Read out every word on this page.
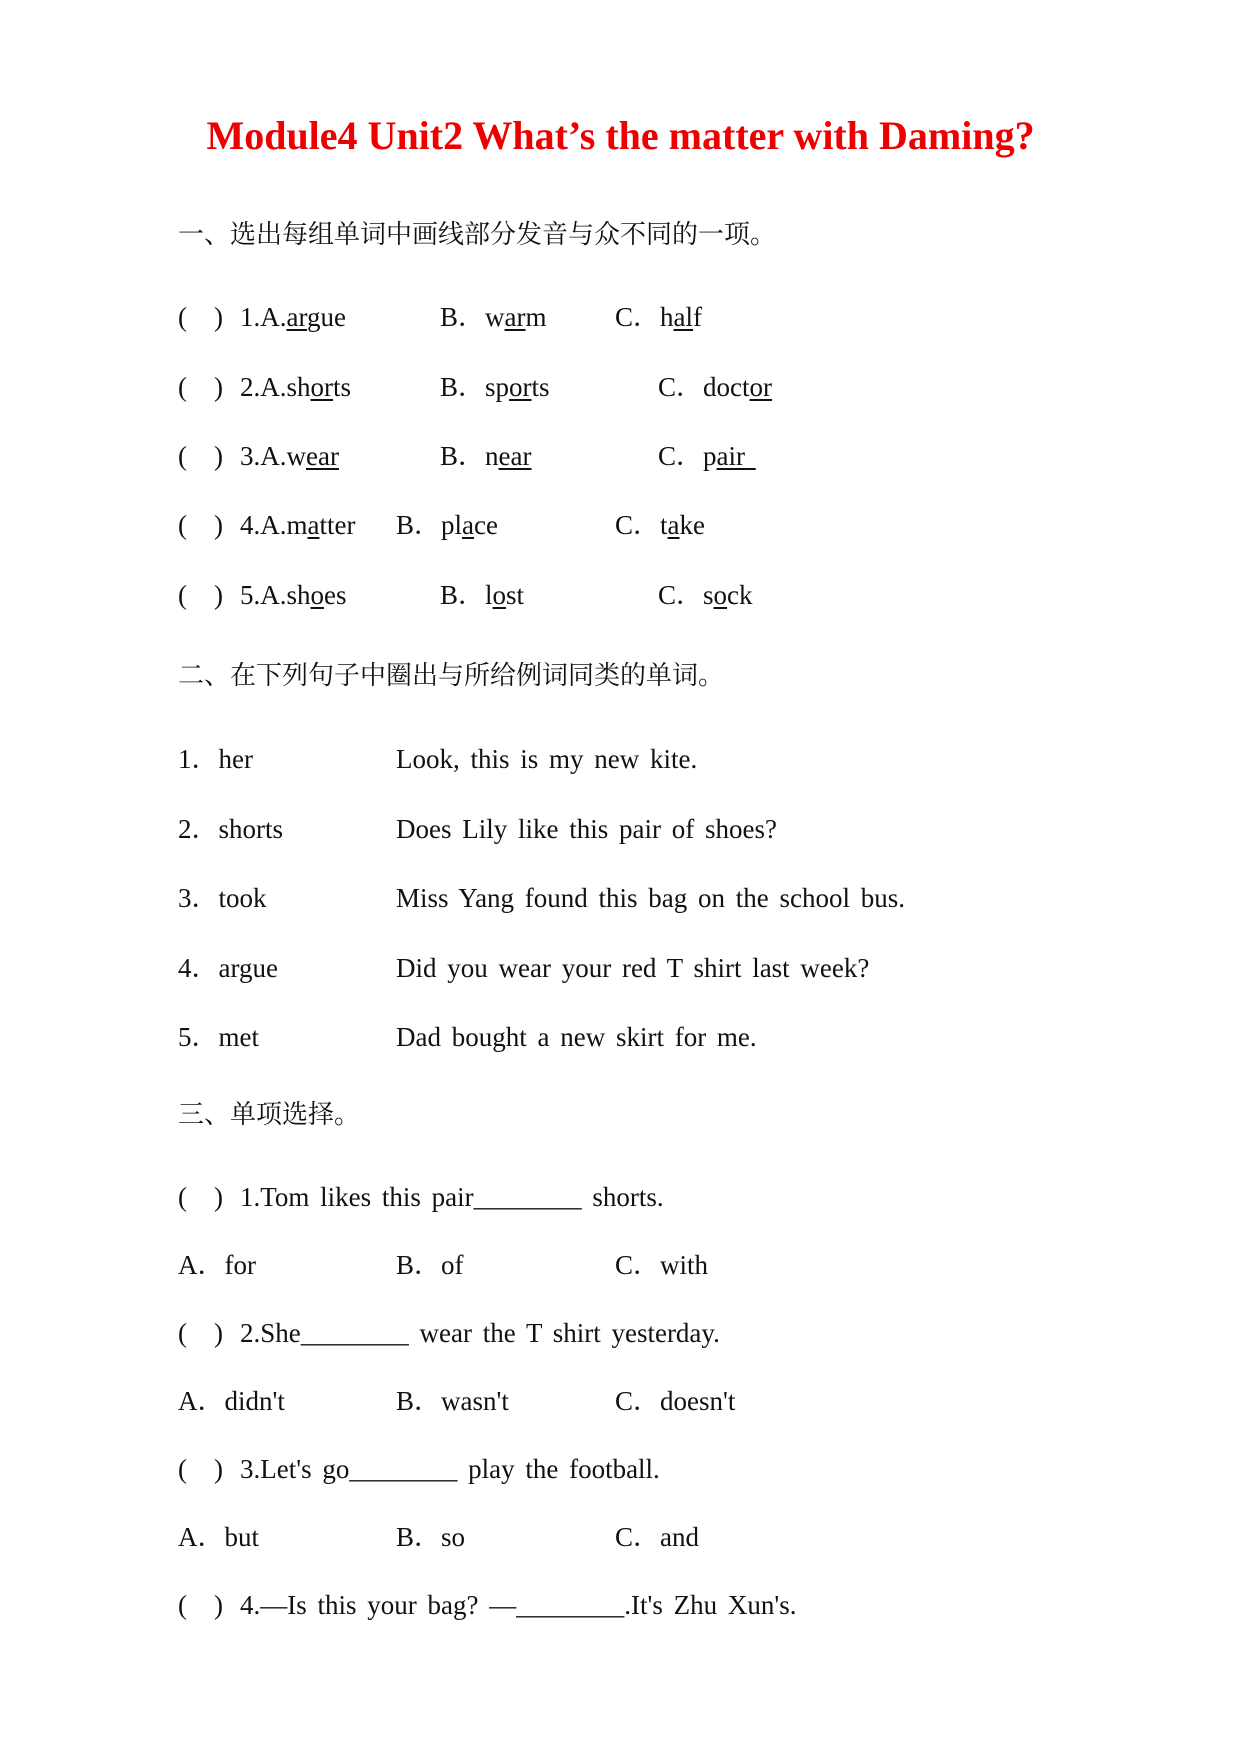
Module4 Unit2 What’s the matter with Daming?
一、选出每组单词中画线部分发音与众不同的一项。
( ) 1.A.argue	B．warm	C．half
( ) 2.A.shorts	B．sports	C．doctor
( ) 3.A.wear	B．near	C．pair
( ) 4.A.matter B．place	C．take
( ) 5.A.shoes	B．lost	C．sock
二、在下列句子中圈出与所给例词同类的单词。
1．her	Look, this is my new kite.
2．shorts	Does Lily like this pair of shoes?
3．took	Miss Yang found this bag on the school bus.
4．argue	Did you wear your red T shirt last week?
5．met	Dad bought a new skirt for me.
三、单项选择。
( ) 1.Tom likes this pair________ shorts.
A．for	B．of	C．with
( ) 2.She________ wear the T shirt yesterday.
A．didn't	B．wasn't	C．doesn't
( ) 3.Let's go________ play the football.
A．but	B．so	C．and
( ) 4.—Is this your bag? —________.It's Zhu Xun's.
